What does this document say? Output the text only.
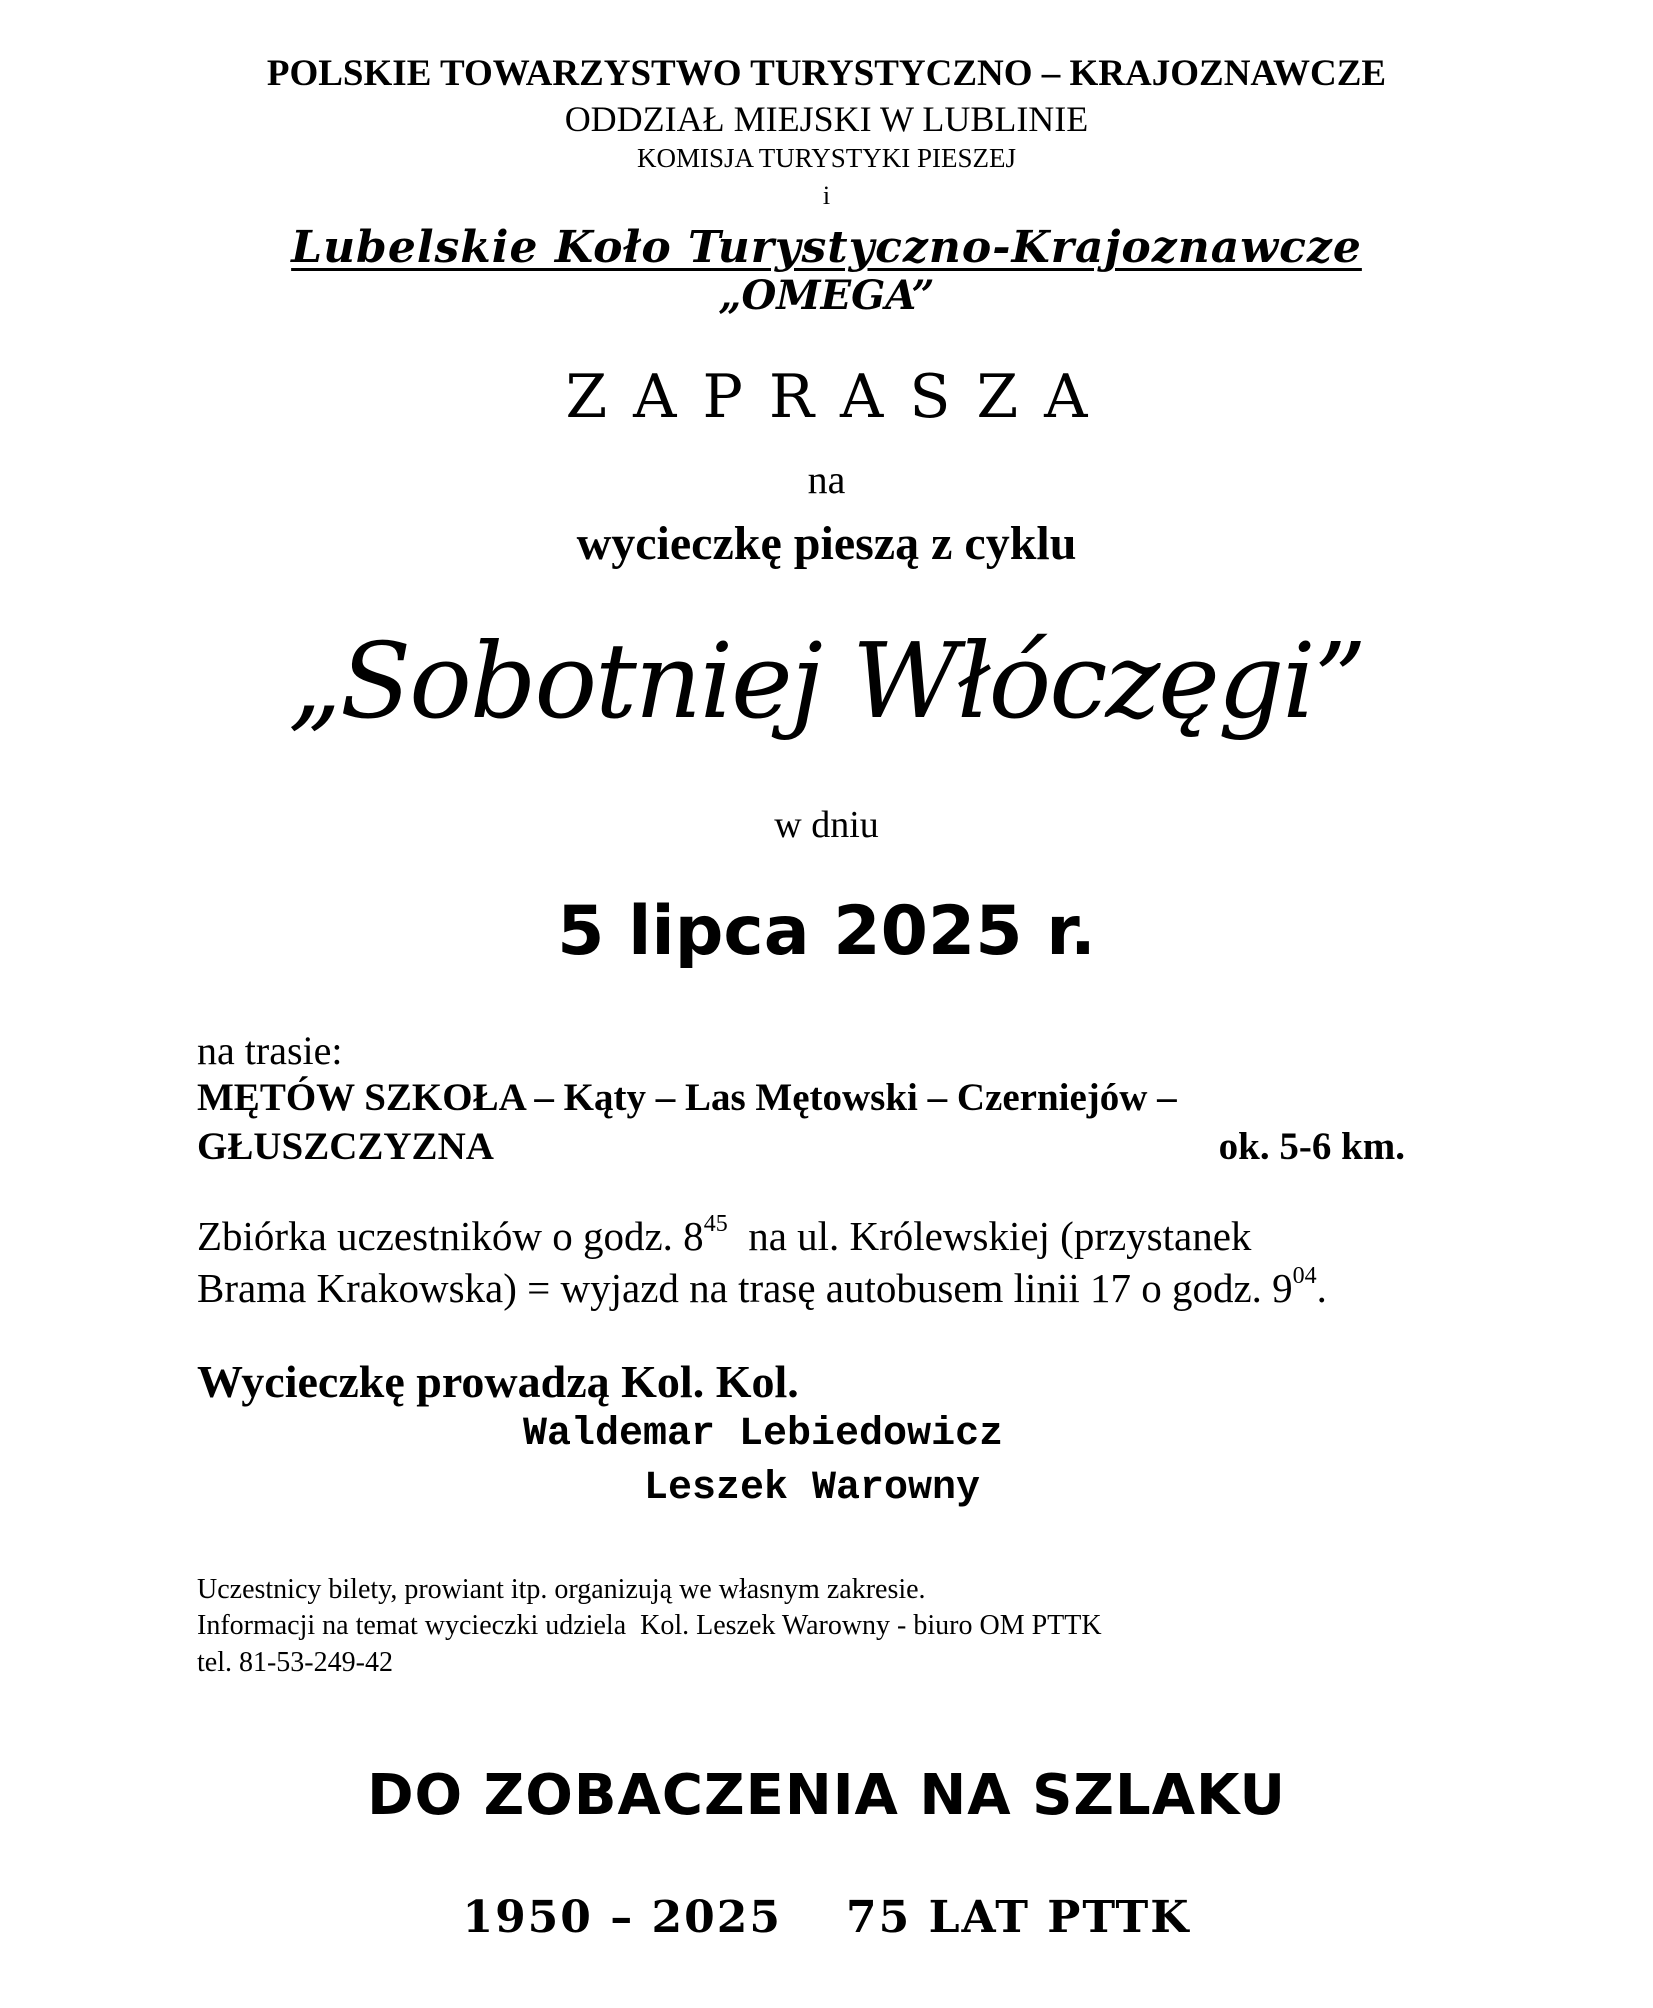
POLSKIE TOWARZYSTWO TURYSTYCZNO – KRAJOZNAWCZE
ODDZIAŁ MIEJSKI W LUBLINIE
KOMISJA TURYSTYKI PIESZEJ
i
Lubelskie Koło Turystyczno-Krajoznawcze
„OMEGA”
ZAPRASZA
na
wycieczkę pieszą z cyklu
„Sobotniej Włóczęgi”
w dniu
5 lipca 2025 r.
na trasie:
MĘTÓW SZKOŁA – Kąty – Las Mętowski – Czerniejów –
GŁUSZCZYZNA	ok. 5-6 km.
Zbiórka uczestników o godz. $8^{45}$  na ul. Królewskiej (przystanek
Brama Krakowska) = wyjazd na trasę autobusem linii 17 o godz. $9^{04}$.
Wycieczkę prowadzą Kol. Kol.
Waldemar Lebiedowicz
Leszek Warowny
Uczestnicy bilety, prowiant itp. organizują we własnym zakresie.
Informacji na temat wycieczki udziela  Kol. Leszek Warowny - biuro OM PTTK
tel. 81-53-249-42
DO ZOBACZENIA NA SZLAKU
1950 – 2025 75 LAT PTTK
